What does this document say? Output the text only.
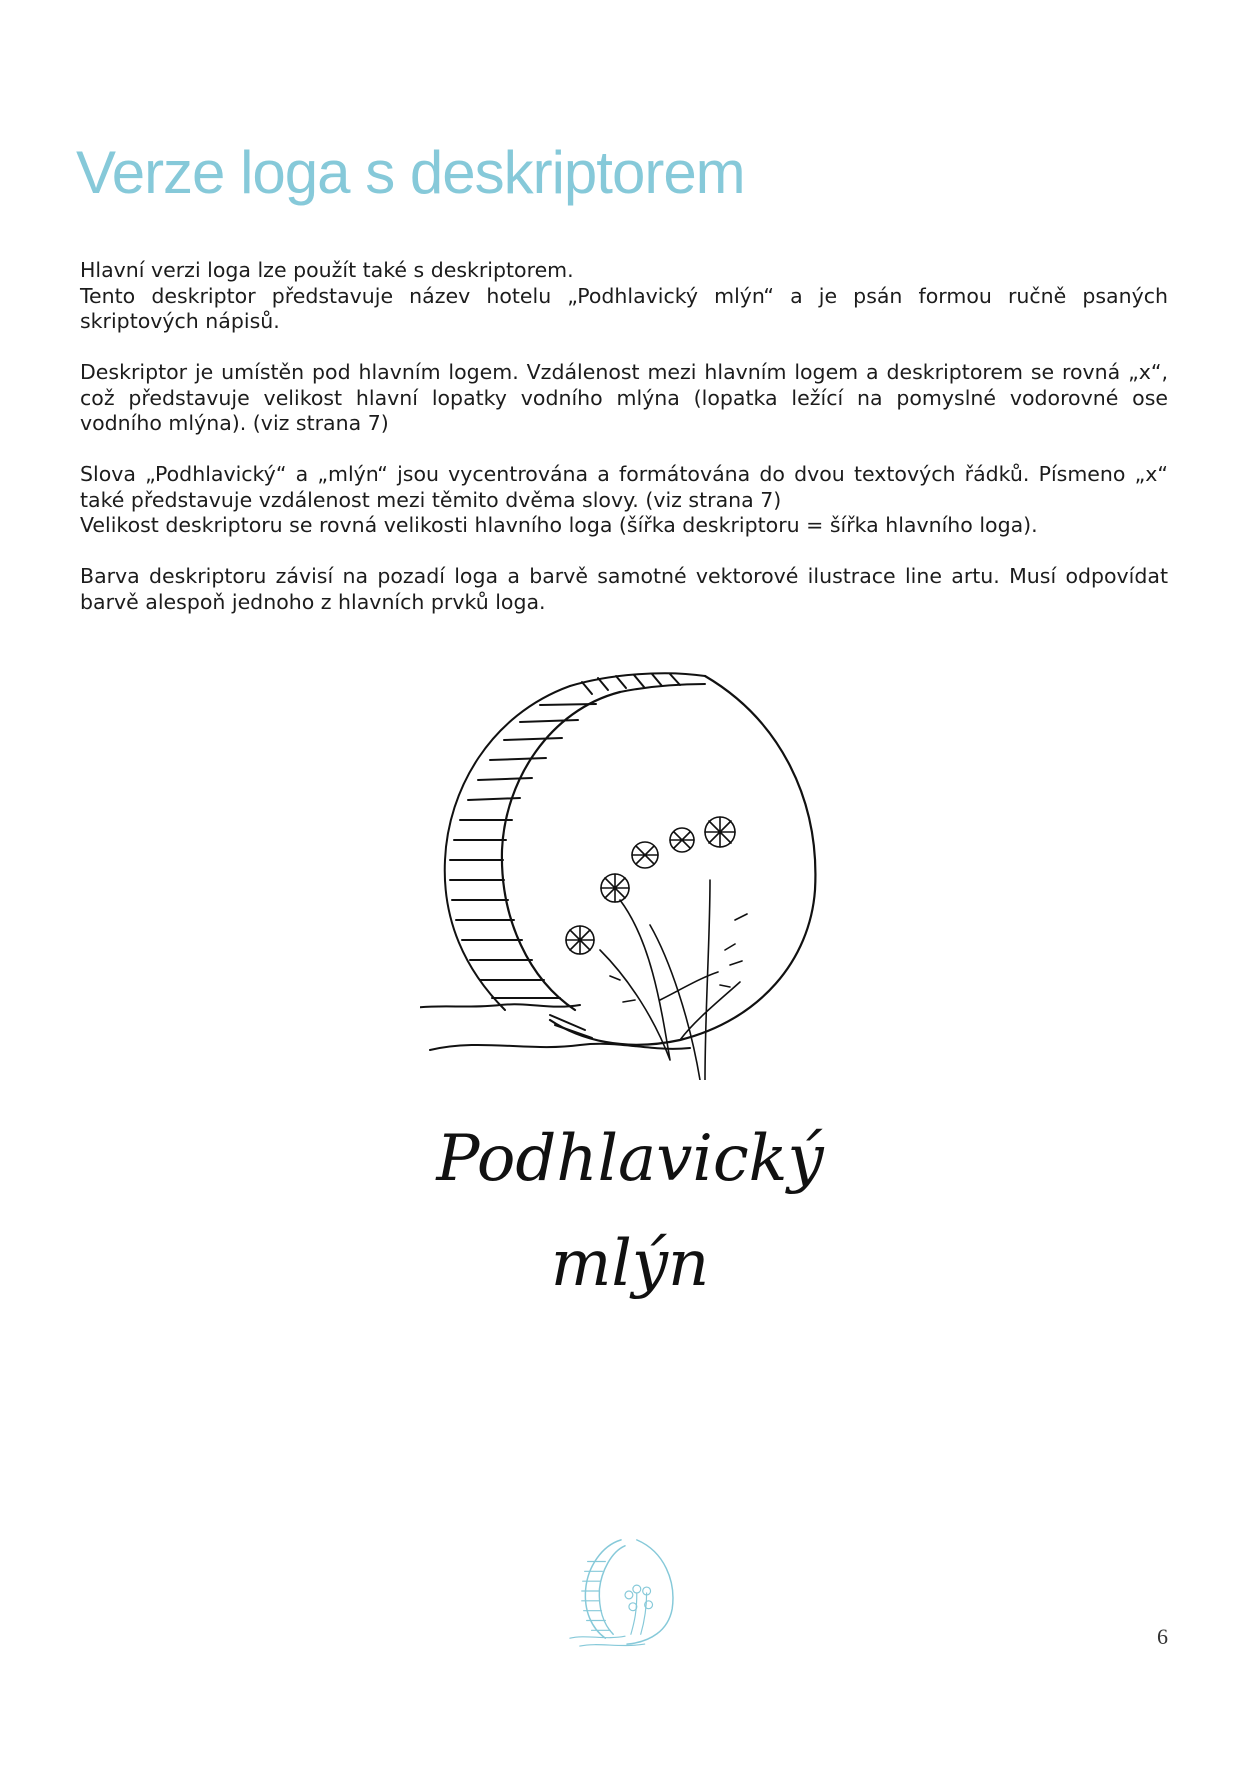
Verze loga s deskriptorem

Hlavní verzi loga lze použít také s deskriptorem.
Tento deskriptor představuje název hotelu „Podhlavický mlýn“ a je psán formou ručně psaných skriptových nápisů.

Deskriptor je umístěn pod hlavním logem. Vzdálenost mezi hlavním logem a deskriptorem se rovná „x“, což představuje velikost hlavní lopatky vodního mlýna (lopatka ležící na pomyslné vodorovné ose vodního mlýna). (viz strana 7)

Slova „Podhlavický“ a „mlýn“ jsou vycentrována a formátována do dvou textových řádků. Písmeno „x“ také představuje vzdálenost mezi těmito dvěma slovy. (viz strana 7)
Velikost deskriptoru se rovná velikosti hlavního loga (šířka deskriptoru = šířka hlavního loga).

Barva deskriptoru závisí na pozadí loga a barvě samotné vektorové ilustrace line artu. Musí odpovídat barvě alespoň jednoho z hlavních prvků loga.

Podhlavický
mlýn
6
